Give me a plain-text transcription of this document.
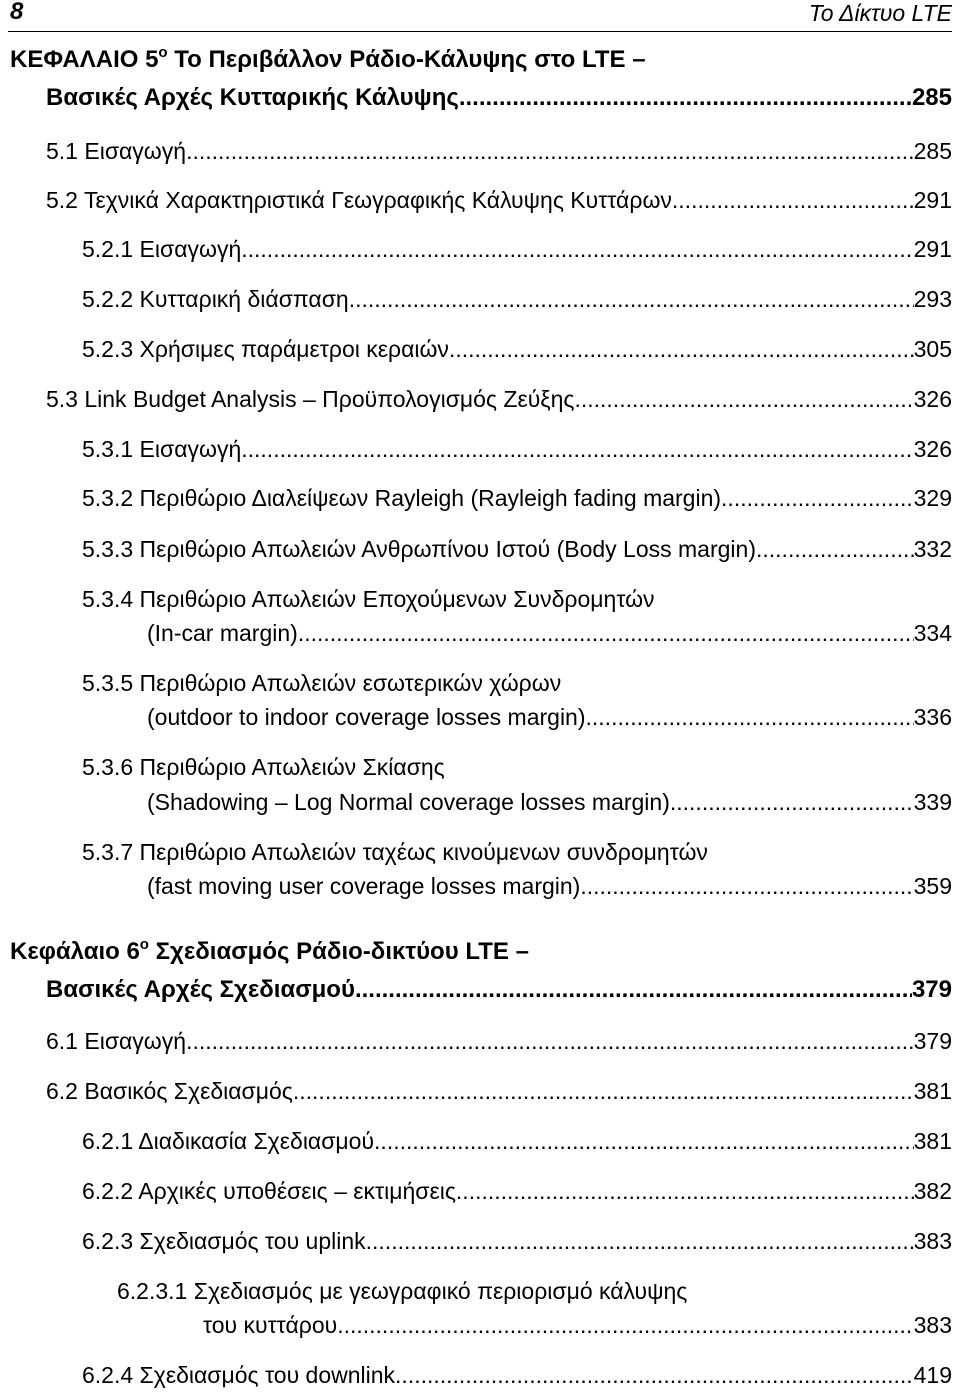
8	Το Δίκτυο LTE
ΚΕΦΑΛΑΙΟ $5^o$ Το Περιβάλλον Ράδιο-Κάλυψης στο LTE –
Βασικές Αρχές Κυτταρικής Κάλυψης .....	285
5.1 Εισαγωγή .....	285
5.2 Τεχνικά Χαρακτηριστικά Γεωγραφικής Κάλυψης Κυττάρων .....	291
5.2.1 Εισαγωγή .....	291
5.2.2 Κυτταρική διάσπαση .....	293
5.2.3 Χρήσιμες παράμετροι κεραιών .....	305
5.3 Link Budget Analysis – Προϋπολογισμός Ζεύξης .....	326
5.3.1 Εισαγωγή .....	326
5.3.2 Περιθώριο Διαλείψεων Rayleigh (Rayleigh fading margin) .....	329
5.3.3 Περιθώριο Απωλειών Ανθρωπίνου Ιστού (Body Loss margin) .....	332
5.3.4 Περιθώριο Απωλειών Εποχούμενων Συνδρομητών
(In-car margin) .....	334
5.3.5 Περιθώριο Απωλειών εσωτερικών χώρων
(outdoor to indoor coverage losses margin) .....	336
5.3.6 Περιθώριο Απωλειών Σκίασης
(Shadowing – Log Normal coverage losses margin) .....	339
5.3.7 Περιθώριο Απωλειών ταχέως κινούμενων συνδρομητών
(fast moving user coverage losses margin) .....	359
Κεφάλαιο $6^o$ Σχεδιασμός Ράδιο-δικτύου LTE –
Βασικές Αρχές Σχεδιασμού .....	379
6.1 Εισαγωγή .....	379
6.2 Βασικός Σχεδιασμός .....	381
6.2.1 Διαδικασία Σχεδιασμού .....	381
6.2.2 Αρχικές υποθέσεις – εκτιμήσεις .....	382
6.2.3 Σχεδιασμός του uplink .....	383
6.2.3.1 Σχεδιασμός με γεωγραφικό περιορισμό κάλυψης
του κυττάρου. .....	383
6.2.4 Σχεδιασμός του downlink .....	419
